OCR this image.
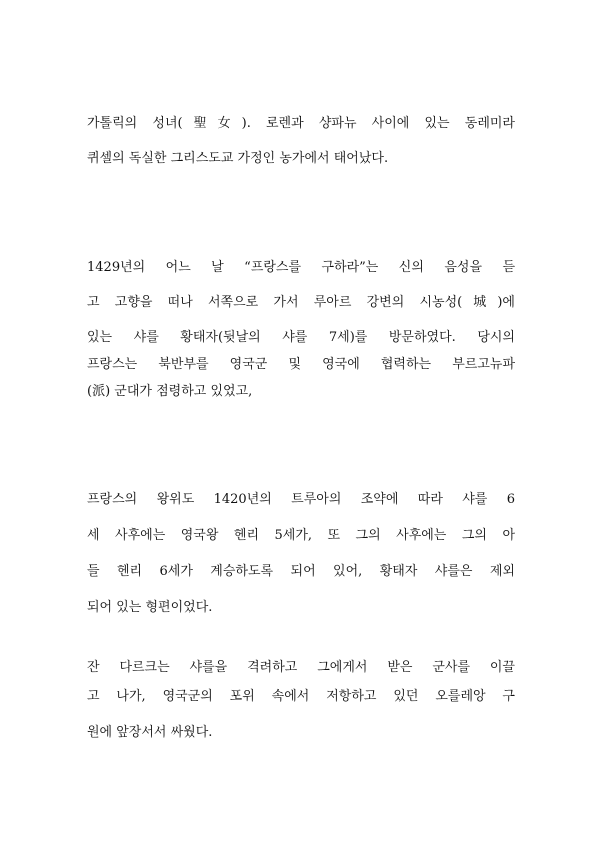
가톨릭의 성녀(聖女). 로렌과 샹파뉴 사이에 있는 동레미라
퀴셀의 독실한 그리스도교 가정인 농가에서 태어났다.
1429년의 어느 날 “프랑스를 구하라”는 신의 음성을 듣
고 고향을 떠나 서쪽으로 가서 루아르 강변의 시농성(城)에
있는 샤를 황태자(뒷날의 샤를 7세)를 방문하였다. 당시의
프랑스는 북반부를 영국군 및 영국에 협력하는 부르고뉴파
(派) 군대가 점령하고 있었고,
프랑스의 왕위도 1420년의 트루아의 조약에 따라 샤를 6
세 사후에는 영국왕 헨리 5세가, 또 그의 사후에는 그의 아
들 헨리 6세가 계승하도록 되어 있어, 황태자 샤를은 제외
되어 있는 형편이었다.
잔 다르크는 샤를을 격려하고 그에게서 받은 군사를 이끌
고 나가, 영국군의 포위 속에서 저항하고 있던 오를레앙 구
원에 앞장서서 싸웠다.
